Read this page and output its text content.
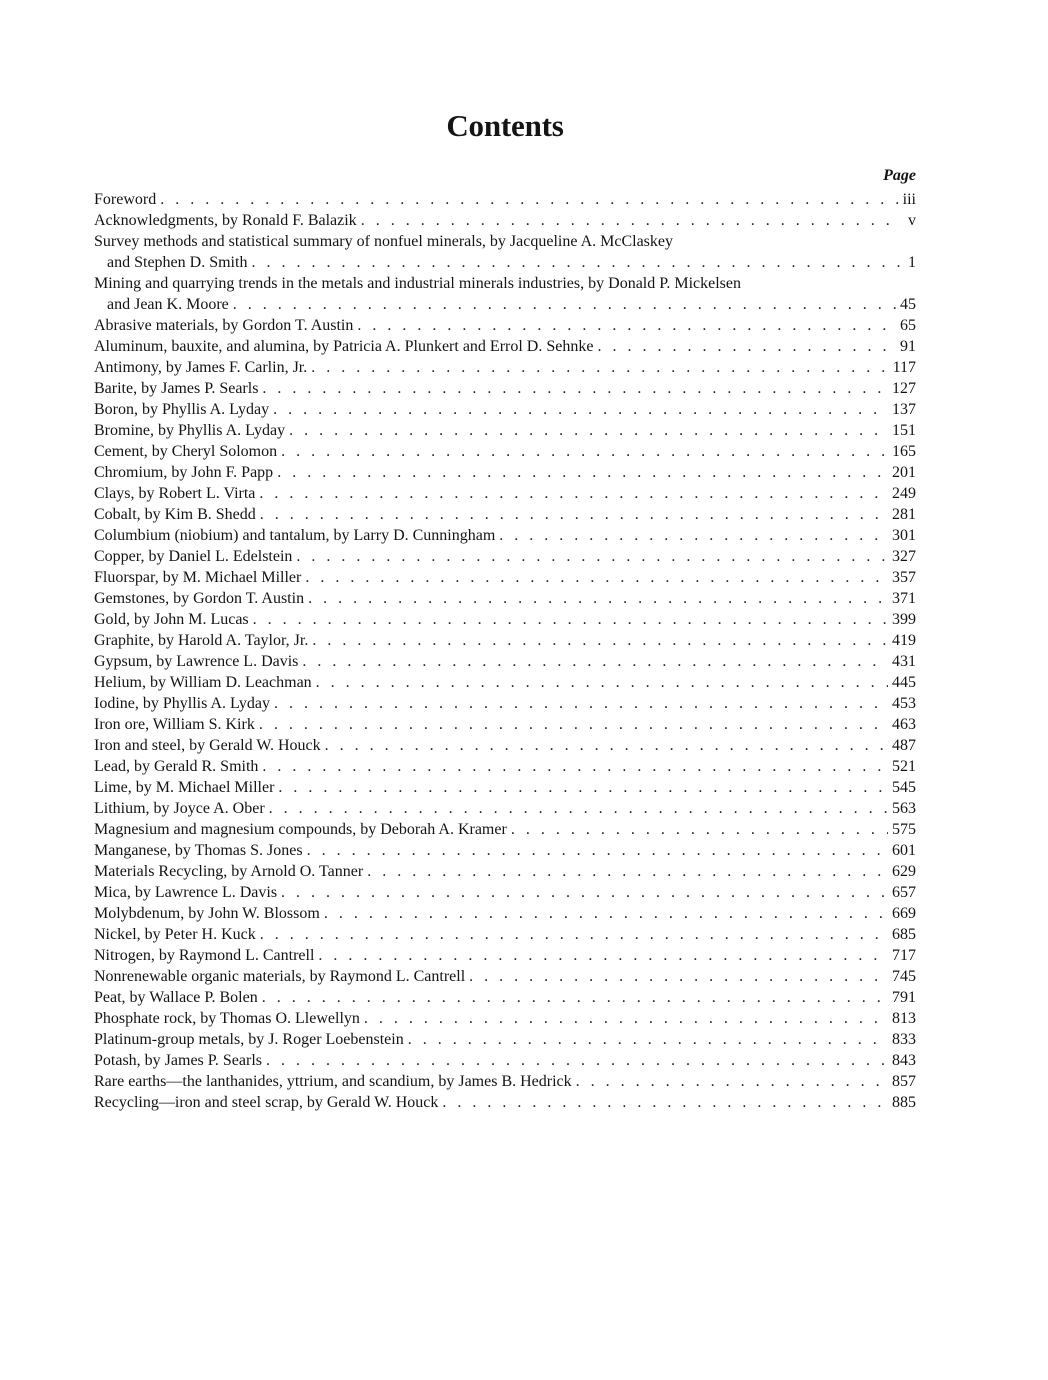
Contents
Page
Foreword . . .	iii
Acknowledgments, by Ronald F. Balazik . . .	v
Survey methods and statistical summary of nonfuel minerals, by Jacqueline A. McClaskey
and Stephen D. Smith . . .	1
Mining and quarrying trends in the metals and industrial minerals industries, by Donald P. Mickelsen
and Jean K. Moore . . .	45
Abrasive materials, by Gordon T. Austin . . .	65
Aluminum, bauxite, and alumina, by Patricia A. Plunkert and Errol D. Sehnke . . .	91
Antimony, by James F. Carlin, Jr. . . .	117
Barite, by James P. Searls . . .	127
Boron, by Phyllis A. Lyday . . .	137
Bromine, by Phyllis A. Lyday . . .	151
Cement, by Cheryl Solomon . . .	165
Chromium, by John F. Papp . . .	201
Clays, by Robert L. Virta . . .	249
Cobalt, by Kim B. Shedd . . .	281
Columbium (niobium) and tantalum, by Larry D. Cunningham . . .	301
Copper, by Daniel L. Edelstein . . .	327
Fluorspar, by M. Michael Miller . . .	357
Gemstones, by Gordon T. Austin . . .	371
Gold, by John M. Lucas . . .	399
Graphite, by Harold A. Taylor, Jr. . . .	419
Gypsum, by Lawrence L. Davis . . .	431
Helium, by William D. Leachman . . .	445
Iodine, by Phyllis A. Lyday . . .	453
Iron ore, William S. Kirk . . .	463
Iron and steel, by Gerald W. Houck . . .	487
Lead, by Gerald R. Smith . . .	521
Lime, by M. Michael Miller . . .	545
Lithium, by Joyce A. Ober . . .	563
Magnesium and magnesium compounds, by Deborah A. Kramer . . .	575
Manganese, by Thomas S. Jones . . .	601
Materials Recycling, by Arnold O. Tanner . . .	629
Mica, by Lawrence L. Davis . . .	657
Molybdenum, by John W. Blossom . . .	669
Nickel, by Peter H. Kuck . . .	685
Nitrogen, by Raymond L. Cantrell . . .	717
Nonrenewable organic materials, by Raymond L. Cantrell . . .	745
Peat, by Wallace P. Bolen . . .	791
Phosphate rock, by Thomas O. Llewellyn . . .	813
Platinum-group metals, by J. Roger Loebenstein . . .	833
Potash, by James P. Searls . . .	843
Rare earths—the lanthanides, yttrium, and scandium, by James B. Hedrick . . .	857
Recycling—iron and steel scrap, by Gerald W. Houck . . .	885
